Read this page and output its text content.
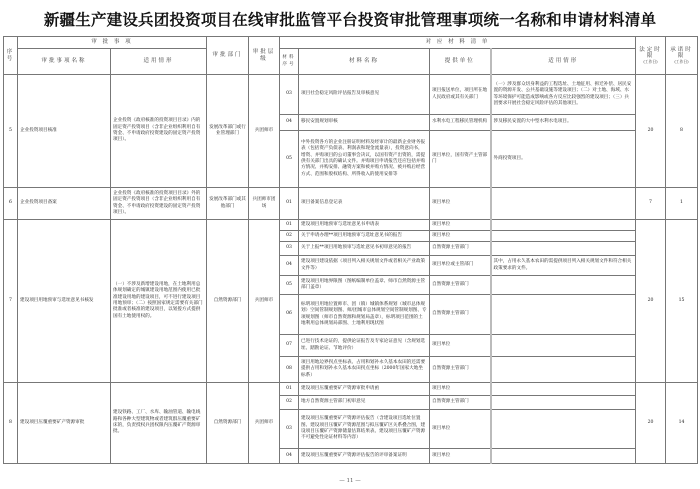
新疆生产建设兵团投资项目在线审批监管平台投资审批管理事项统一名称和申请材料清单
序号	审 批 事 项		审批部门	审批层级	对 应 材 料 清 单				法定时限
(工作日)	承诺时限
(工作日)

	审批事项名称	适用情形			材料序号	材料名称	提供单位	适用情形		
5	企业投资项目核准	企业投资《政府核准的投资项目目录》内的固定资产投资项目（含非企业组织利用自有资金、不申请政府投资建设的固定资产投资项目）。	发展改革部门或行业管理部门	兵团师市	03	项目社会稳定风险评估报告及审核意见	项目报送单位，项目所在地人民政府或其有关部门	（一）涉及群众切身利益的工程选址、土地征用、拆迁补偿、居民安置的资源开发、公共基础设施等建设项目；（二）对土地、海域、水等环境保护可能造成影响或各方反应比较强烈的建设项目；（三）兵团要求开展社会稳定风险评估的其他项目。	20	8
					04	移民安置规划审核	水利水电工程移民管理机构	涉及移民安置的大中型水利水电项目。		
					05	中外投资各方的企业注册证明材料及经审计的最新企业财务报表（包括资产负债表、利润表和现金流量表），投资意向书，增资、并购项目的公司董事会决议，以国有资产出资的，需提供有关部门出具的确认文件。并购项目申请报告还应包括并购方情况、并购安排、融资方案和被并购方情况、被并购后经营方式、范围和股权结构、所得收入的使用安排等	项目单位，国有资产主管部门	外商投资项目。		
6	企业投资项目备案	企业投资《政府核准的投资项目目录》外的固定资产投资项目（含非企业组织利用自有资金、不申请政府投资建设的固定资产投资项目）。	发展改革部门或其他部门	兵团师市团场	01	项目备案信息登记表	项目单位		7	1
7	建设项目用地预审与选址意见书核发	（一）不涉及新增建设用地，在土地利用总体规划确定的城镇建设用地范围内使用已批准建设用地的建设项目，可不进行建设项目用地预审；（二）按照国家规定需要有关部门批准或者核准的建设项目，以划拨方式提供国有土地使用权的。	自然资源部门	兵团师市	01	建设项目用地预审与选址意见书申请表	项目单位		20	15
					02	关于申请办理**项目用地预审与选址意见书的报告	项目单位			
					03	关于上报**项目用地预审与选址意见书初审意见的报告	自然资源主管部门			
					04	建设项目建设依据（项目列入相关规划文件或者相关产业政策文件等）	项目单位或主管部门	其中，占用永久基本农田的需提供项目列入相关规划文件和符合相关政策要求的文件。		
					05	建设项目用地界限图（图纸编制单位盖章、师市自然资源主管部门盖章）	自然资源主管部门			
					06	标明项目用地位置师市、团（镇）城镇体系规划（城市总体规划）空间管制规划图、师/团城市总体规划空间管制规划图、专项规划图（师市自然资源和规划局盖章），标明项目范围的土地利用总体规划局部图、土地利用现状图	自然资源主管部门			
					07	已进行技术论证的，提供论证报告及专家论证意见（含规划选址、踏勘论证、节地评价）	项目单位			
					08	项目用地边界拐点坐标表、占用和划补永久基本农田的还需要提供占用和划补永久基本农田拐点坐标（2000年国家大地坐标系）	自然资源主管部门			
8	建设项目压覆重要矿产资源审批	建设铁路、工厂、水库、输油管道、输电线路和各种大型建筑物或者建筑群压覆重要矿床的，负责授权兵团权限内压覆矿产资源审批。	自然资源部门	兵团师市	01	建设项目压覆重要矿产资源审批申请函	项目单位		20	14
					02	地方自然资源主管部门初审意见	自然资源主管部门			
					03	建设项目压覆重要矿产资源评估报告（含建设项目选址位置图、建设项目压覆矿产资源范围与拟压覆矿区关系叠合图，建设项目压覆矿产资源储量估算结果表、建设项目压覆矿产资源不可避免性论证材料等内容）	项目单位			
					04	建设项目压覆重要矿产资源评估报告的评审备案证明	项目单位			
— 11 —
